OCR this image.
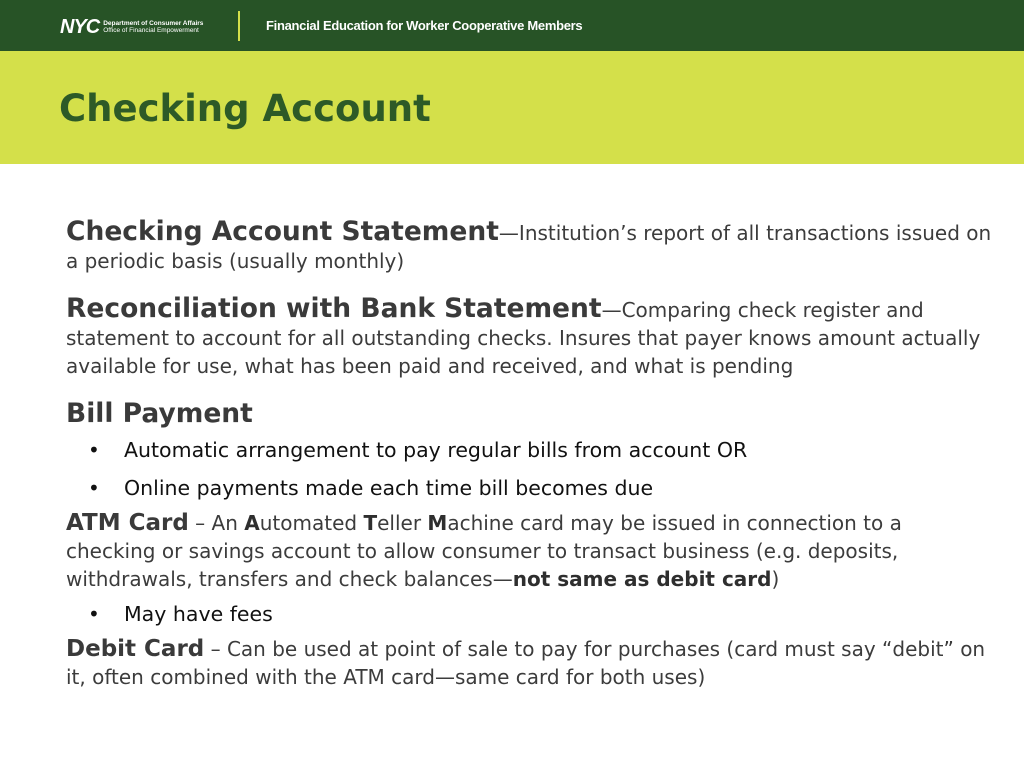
NYC Department of Consumer Affairs
Office of Financial Empowerment	Financial Education for Worker Cooperative Members
Checking Account

Checking Account Statement—Institution’s report of all transactions issued on a periodic basis (usually monthly)

Reconciliation with Bank Statement—Comparing check register and statement to account for all outstanding checks. Insures that payer knows amount actually available for use, what has been paid and received, and what is pending

Bill Payment

• Automatic arrangement to pay regular bills from account OR
• Online payments made each time bill becomes due

ATM Card – An Automated Teller Machine card may be issued in connection to a checking or savings account to allow consumer to transact business (e.g. deposits, withdrawals, transfers and check balances—not same as debit card)

• May have fees

Debit Card – Can be used at point of sale to pay for purchases (card must say “debit” on it, often combined with the ATM card—same card for both uses)
